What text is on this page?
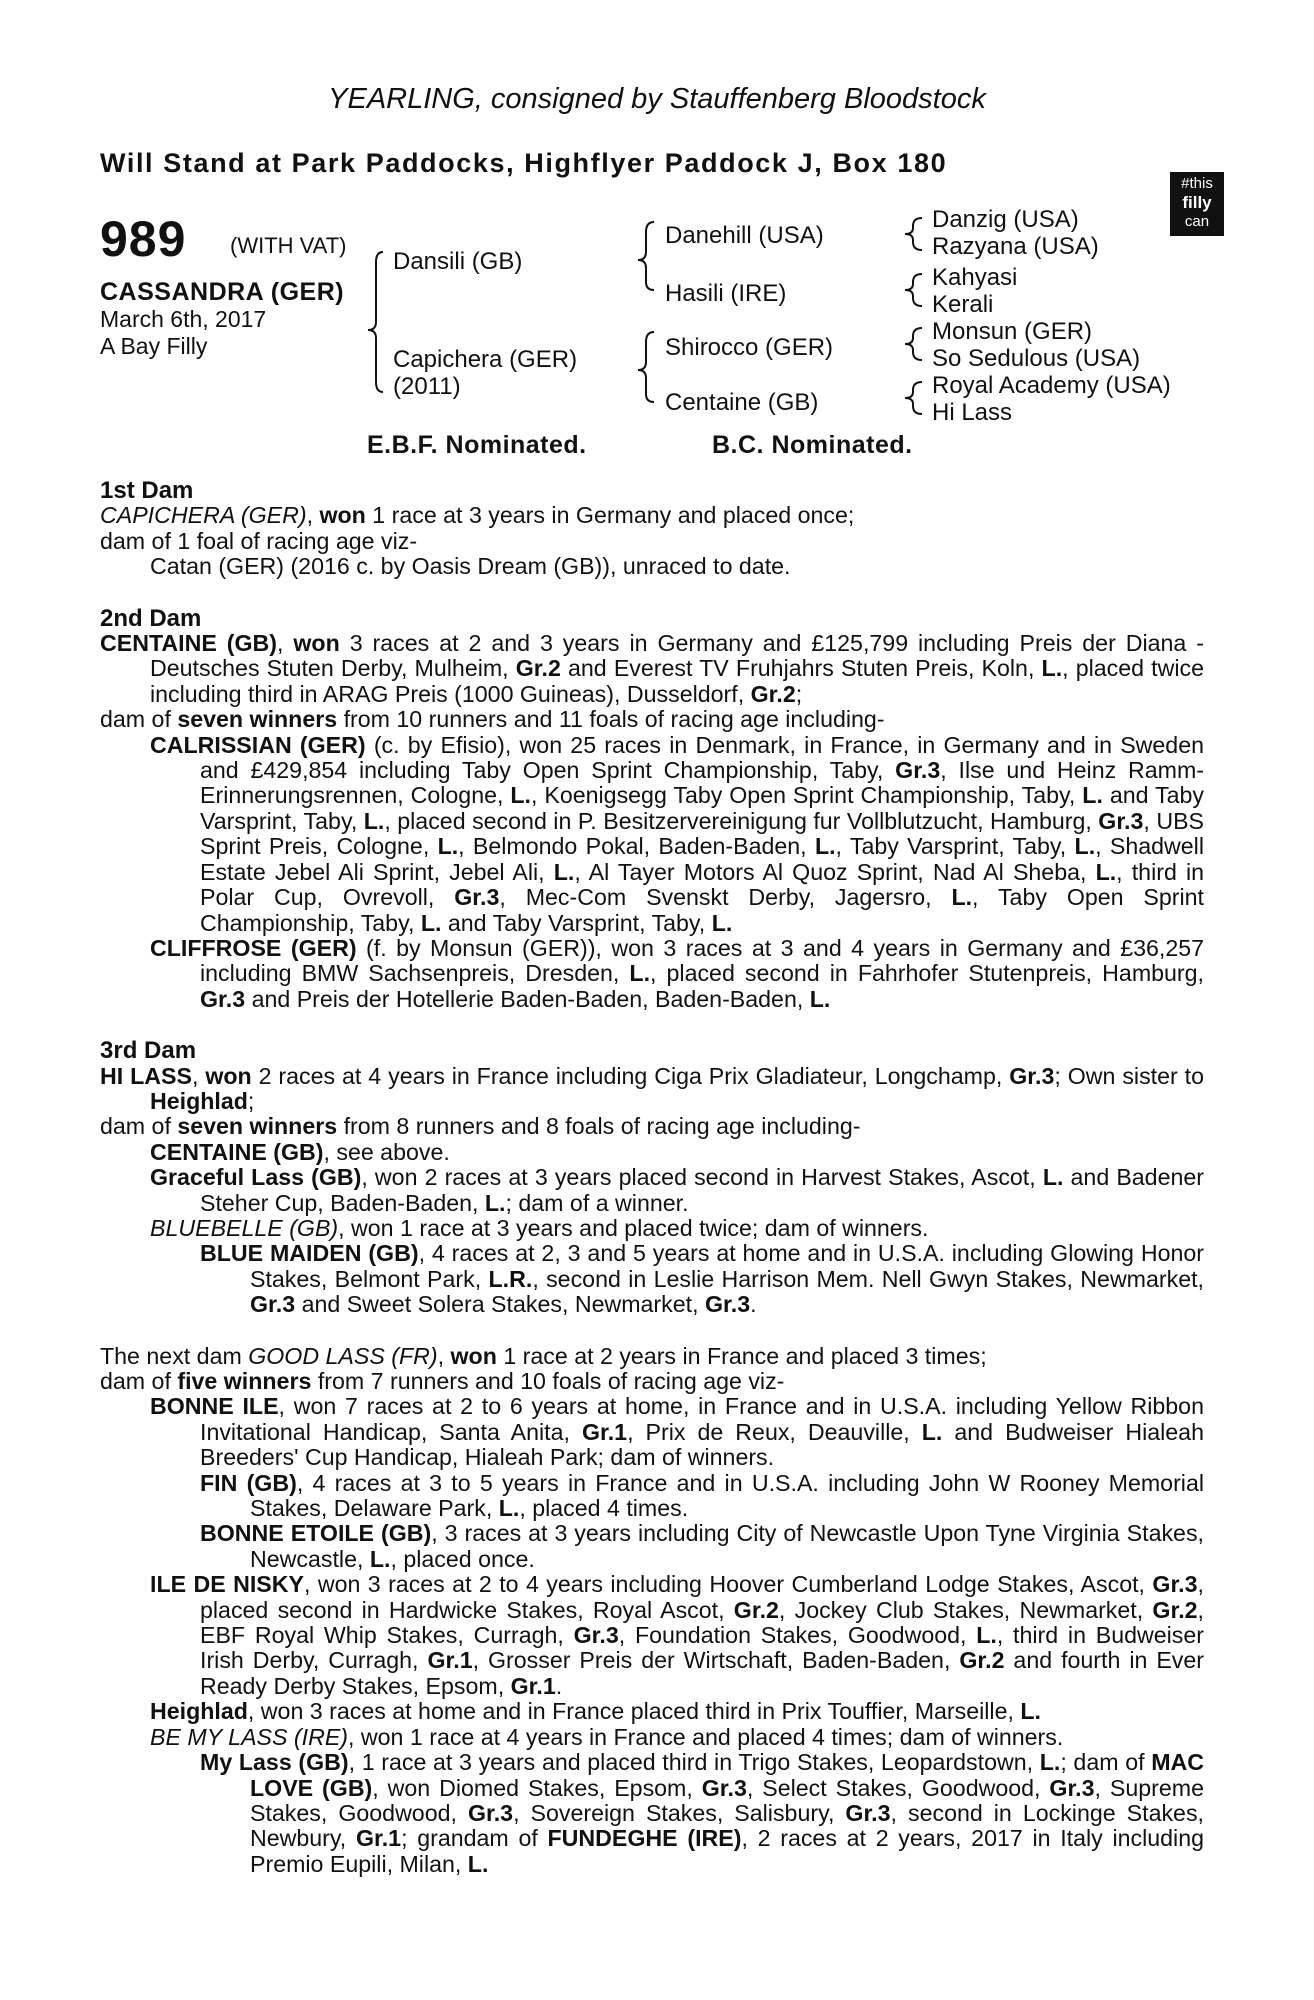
YEARLING, consigned by Stauffenberg Bloodstock
Will Stand at Park Paddocks, Highflyer Paddock J, Box 180
#this
filly
can
989 (WITH VAT)
CASSANDRA (GER)
March 6th, 2017
A Bay Filly
Dansili (GB)
Capichera (GER)
(2011)
Danehill (USA)
Hasili (IRE)
Shirocco (GER)
Centaine (GB)
Danzig (USA)
Razyana (USA)
Kahyasi
Kerali
Monsun (GER)
So Sedulous (USA)
Royal Academy (USA)
Hi Lass
E.B.F. Nominated.	B.C. Nominated.

1st Dam

CAPICHERA (GER), won 1 race at 3 years in Germany and placed once;

dam of 1 foal of racing age viz-

Catan (GER) (2016 c. by Oasis Dream (GB)), unraced to date.

2nd Dam

CENTAINE (GB), won 3 races at 2 and 3 years in Germany and £125,799 including Preis der Diana - Deutsches Stuten Derby, Mulheim, Gr.2 and Everest TV Fruhjahrs Stuten Preis, Koln, L., placed twice including third in ARAG Preis (1000 Guineas), Dusseldorf, Gr.2;

dam of seven winners from 10 runners and 11 foals of racing age including-

CALRISSIAN (GER) (c. by Efisio), won 25 races in Denmark, in France, in Germany and in Sweden and £429,854 including Taby Open Sprint Championship, Taby, Gr.3, Ilse und Heinz Ramm-Erinnerungsrennen, Cologne, L., Koenigsegg Taby Open Sprint Championship, Taby, L. and Taby Varsprint, Taby, L., placed second in P. Besitzervereinigung fur Vollblutzucht, Hamburg, Gr.3, UBS Sprint Preis, Cologne, L., Belmondo Pokal, Baden-Baden, L., Taby Varsprint, Taby, L., Shadwell Estate Jebel Ali Sprint, Jebel Ali, L., Al Tayer Motors Al Quoz Sprint, Nad Al Sheba, L., third in Polar Cup, Ovrevoll, Gr.3, Mec-Com Svenskt Derby, Jagersro, L., Taby Open Sprint Championship, Taby, L. and Taby Varsprint, Taby, L.

CLIFFROSE (GER) (f. by Monsun (GER)), won 3 races at 3 and 4 years in Germany and £36,257 including BMW Sachsenpreis, Dresden, L., placed second in Fahrhofer Stutenpreis, Hamburg, Gr.3 and Preis der Hotellerie Baden-Baden, Baden-Baden, L.

3rd Dam

HI LASS, won 2 races at 4 years in France including Ciga Prix Gladiateur, Longchamp, Gr.3; Own sister to Heighlad;

dam of seven winners from 8 runners and 8 foals of racing age including-

CENTAINE (GB), see above.

Graceful Lass (GB), won 2 races at 3 years placed second in Harvest Stakes, Ascot, L. and Badener Steher Cup, Baden-Baden, L.; dam of a winner.

BLUEBELLE (GB), won 1 race at 3 years and placed twice; dam of winners.

BLUE MAIDEN (GB), 4 races at 2, 3 and 5 years at home and in U.S.A. including Glowing Honor Stakes, Belmont Park, L.R., second in Leslie Harrison Mem. Nell Gwyn Stakes, Newmarket, Gr.3 and Sweet Solera Stakes, Newmarket, Gr.3.

The next dam GOOD LASS (FR), won 1 race at 2 years in France and placed 3 times;

dam of five winners from 7 runners and 10 foals of racing age viz-

BONNE ILE, won 7 races at 2 to 6 years at home, in France and in U.S.A. including Yellow Ribbon Invitational Handicap, Santa Anita, Gr.1, Prix de Reux, Deauville, L. and Budweiser Hialeah Breeders' Cup Handicap, Hialeah Park; dam of winners.

FIN (GB), 4 races at 3 to 5 years in France and in U.S.A. including John W Rooney Memorial Stakes, Delaware Park, L., placed 4 times.

BONNE ETOILE (GB), 3 races at 3 years including City of Newcastle Upon Tyne Virginia Stakes, Newcastle, L., placed once.

ILE DE NISKY, won 3 races at 2 to 4 years including Hoover Cumberland Lodge Stakes, Ascot, Gr.3, placed second in Hardwicke Stakes, Royal Ascot, Gr.2, Jockey Club Stakes, Newmarket, Gr.2, EBF Royal Whip Stakes, Curragh, Gr.3, Foundation Stakes, Goodwood, L., third in Budweiser Irish Derby, Curragh, Gr.1, Grosser Preis der Wirtschaft, Baden-Baden, Gr.2 and fourth in Ever Ready Derby Stakes, Epsom, Gr.1.

Heighlad, won 3 races at home and in France placed third in Prix Touffier, Marseille, L.

BE MY LASS (IRE), won 1 race at 4 years in France and placed 4 times; dam of winners.

My Lass (GB), 1 race at 3 years and placed third in Trigo Stakes, Leopardstown, L.; dam of MAC LOVE (GB), won Diomed Stakes, Epsom, Gr.3, Select Stakes, Goodwood, Gr.3, Supreme Stakes, Goodwood, Gr.3, Sovereign Stakes, Salisbury, Gr.3, second in Lockinge Stakes, Newbury, Gr.1; grandam of FUNDEGHE (IRE), 2 races at 2 years, 2017 in Italy including Premio Eupili, Milan, L.
